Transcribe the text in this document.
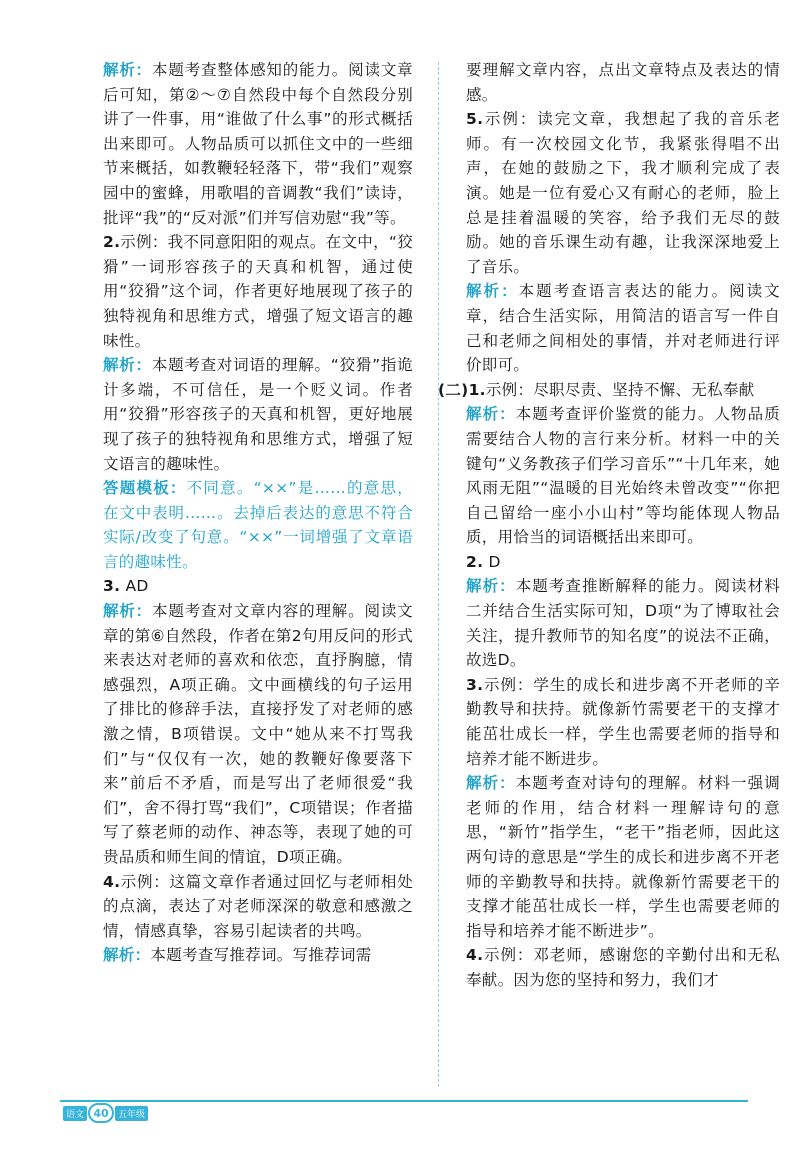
解析：本题考查整体感知的能力。阅读文章后可知，第②～⑦自然段中每个自然段分别讲了一件事，用“谁做了什么事”的形式概括出来即可。人物品质可以抓住文中的一些细节来概括，如教鞭轻轻落下，带“我们”观察园中的蜜蜂，用歌唱的音调教“我们”读诗，批评“我”的“反对派”们并写信劝慰“我”等。

2.示例：我不同意阳阳的观点。在文中，“狡猾”一词形容孩子的天真和机智，通过使用“狡猾”这个词，作者更好地展现了孩子的独特视角和思维方式，增强了短文语言的趣味性。

解析：本题考查对词语的理解。“狡猾”指诡计多端，不可信任，是一个贬义词。作者用“狡猾”形容孩子的天真和机智，更好地展现了孩子的独特视角和思维方式，增强了短文语言的趣味性。

答题模板：不同意。“××”是……的意思，在文中表明……。去掉后表达的意思不符合实际/改变了句意。“××”一词增强了文章语言的趣味性。

3. AD

解析：本题考查对文章内容的理解。阅读文章的第⑥自然段，作者在第2句用反问的形式来表达对老师的喜欢和依恋，直抒胸臆，情感强烈，A项正确。文中画横线的句子运用了排比的修辞手法，直接抒发了对老师的感激之情，B项错误。文中“她从来不打骂我们”与“仅仅有一次，她的教鞭好像要落下来”前后不矛盾，而是写出了老师很爱“我们”，舍不得打骂“我们”，C项错误；作者描写了蔡老师的动作、神态等，表现了她的可贵品质和师生间的情谊，D项正确。

4.示例：这篇文章作者通过回忆与老师相处的点滴，表达了对老师深深的敬意和感激之情，情感真挚，容易引起读者的共鸣。

解析：本题考查写推荐词。写推荐词需

要理解文章内容，点出文章特点及表达的情感。

5.示例：读完文章，我想起了我的音乐老师。有一次校园文化节，我紧张得唱不出声，在她的鼓励之下，我才顺利完成了表演。她是一位有爱心又有耐心的老师，脸上总是挂着温暖的笑容，给予我们无尽的鼓励。她的音乐课生动有趣，让我深深地爱上了音乐。

解析：本题考查语言表达的能力。阅读文章，结合生活实际，用简洁的语言写一件自己和老师之间相处的事情，并对老师进行评价即可。

(二)1.示例：尽职尽责、坚持不懈、无私奉献

解析：本题考查评价鉴赏的能力。人物品质需要结合人物的言行来分析。材料一中的关键句“义务教孩子们学习音乐”“十几年来，她风雨无阻”“温暖的目光始终未曾改变”“你把自己留给一座小小山村”等均能体现人物品质，用恰当的词语概括出来即可。

2. D

解析：本题考查推断解释的能力。阅读材料二并结合生活实际可知，D项“为了博取社会关注，提升教师节的知名度”的说法不正确，故选D。

3.示例：学生的成长和进步离不开老师的辛勤教导和扶持。就像新竹需要老干的支撑才能茁壮成长一样，学生也需要老师的指导和培养才能不断进步。

解析：本题考查对诗句的理解。材料一强调老师的作用，结合材料一理解诗句的意思，“新竹”指学生，“老干”指老师，因此这两句诗的意思是“学生的成长和进步离不开老师的辛勤教导和扶持。就像新竹需要老干的支撑才能茁壮成长一样，学生也需要老师的指导和培养才能不断进步”。

4.示例：邓老师，感谢您的辛勤付出和无私奉献。因为您的坚持和努力，我们才

语文 40	五年级
